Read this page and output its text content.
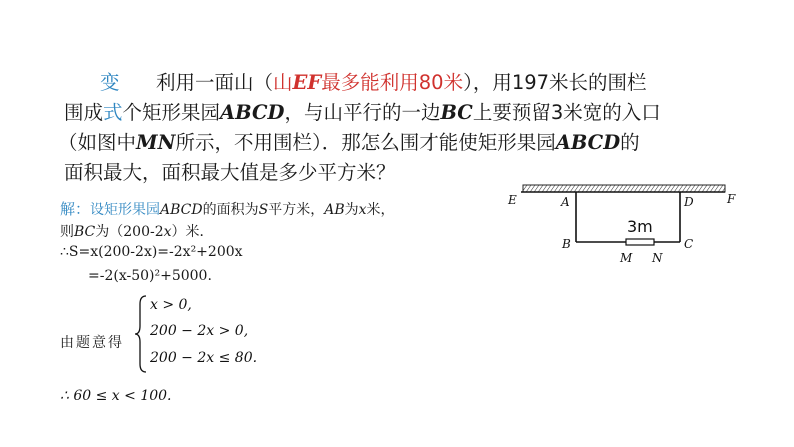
变 利用一面山（山EF最多能利用80米），用197米长的围栏
围成式个矩形果园ABCD，与山平行的一边BC上要预留3米宽的入口
（如图中MN所示，不用围栏）．那怎么围才能使矩形果园ABCD的
面积最大，面积最大值是多少平方米？
解：设矩形果园ABCD的面积为S平方米，AB为x米，
则BC为（200-2x）米．
∴S=x(200-2x)=-2x²+200x
=-2(x-50)²+5000.
由题意得
x > 0,
200 − 2x > 0,
200 − 2x ≤ 80.
∴ 60 ≤ x < 100.
E	A	D	F
B	C
M N
3m
